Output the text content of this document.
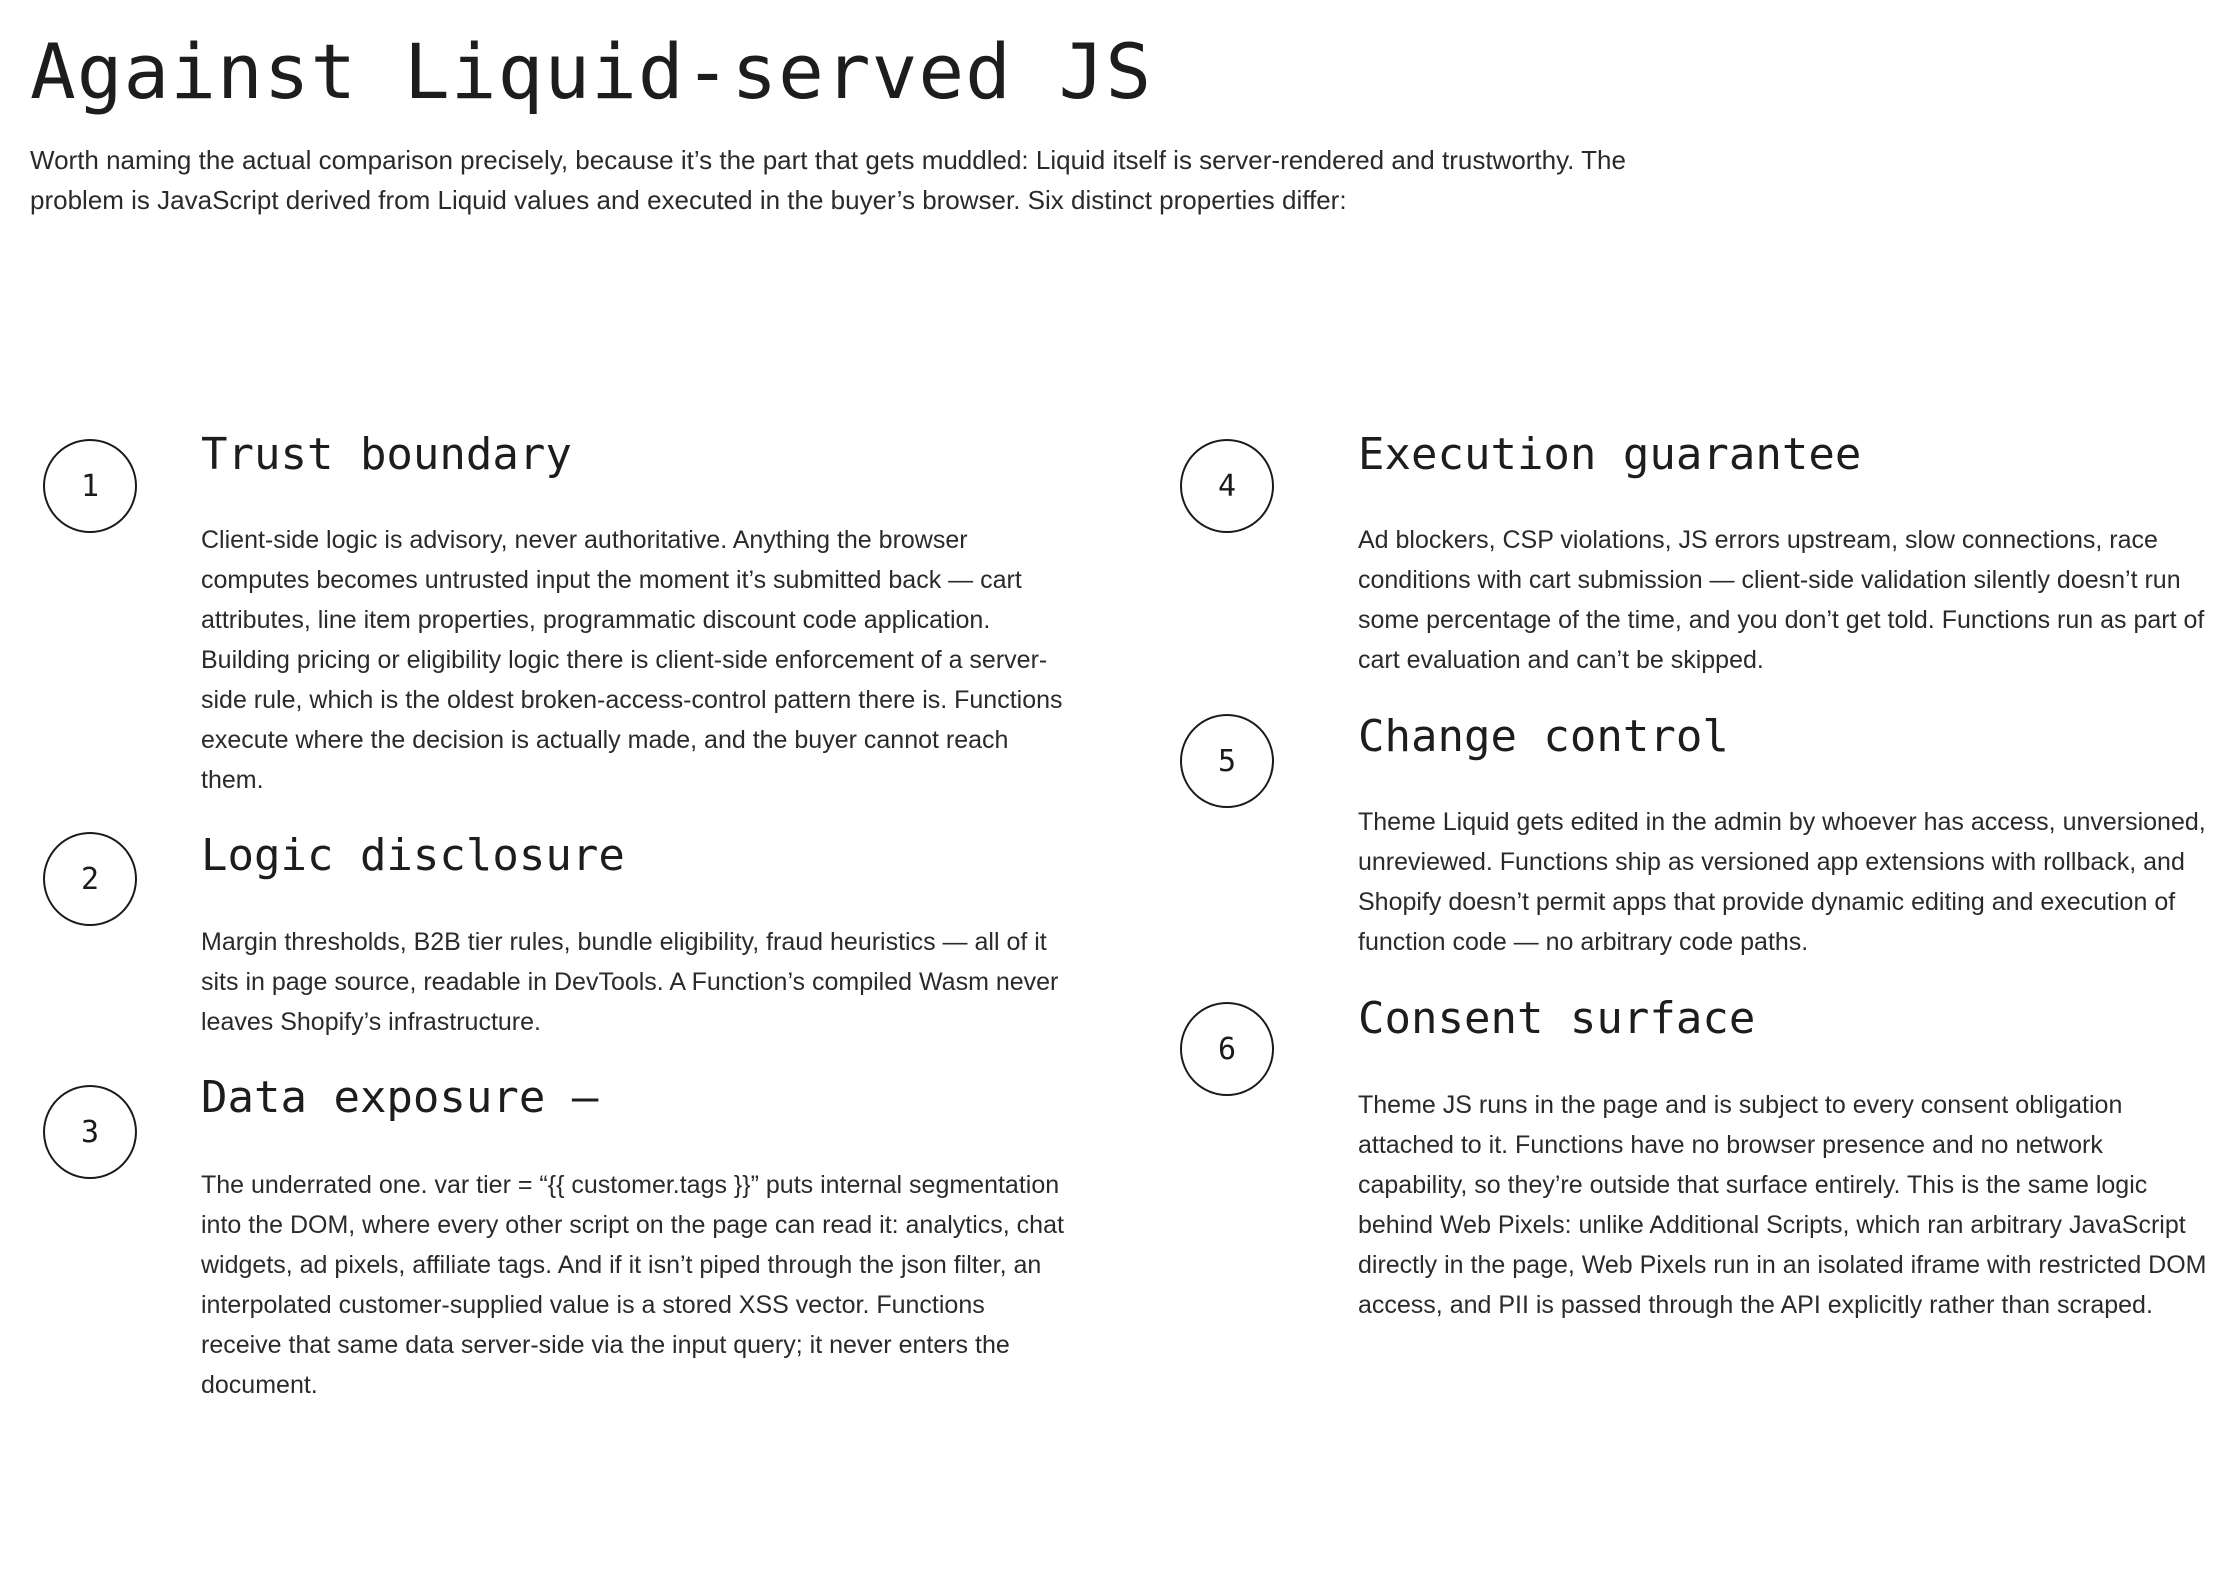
Against Liquid-served JS

Worth naming the actual comparison precisely, because it’s the part that gets muddled: Liquid itself is server-rendered and trustworthy. The problem is JavaScript derived from Liquid values and executed in the buyer’s browser. Six distinct properties differ:

1
Trust boundary

Client-side logic is advisory, never authoritative. Anything the browser computes becomes untrusted input the moment it’s submitted back — cart attributes, line item properties, programmatic discount code application. Building pricing or eligibility logic there is client-side enforcement of a server-side rule, which is the oldest broken-access-control pattern there is. Functions execute where the decision is actually made, and the buyer cannot reach them.

2	Logic disclosure

Margin thresholds, B2B tier rules, bundle eligibility, fraud heuristics — all of it sits in page source, readable in DevTools. A Function’s compiled Wasm never leaves Shopify’s infrastructure.

3
Data exposure —

The underrated one. var tier = “{{ customer.tags }}” puts internal segmentation into the DOM, where every other script on the page can read it: analytics, chat widgets, ad pixels, affiliate tags. And if it isn’t piped through the json filter, an interpolated customer-supplied value is a stored XSS vector. Functions receive that same data server-side via the input query; it never enters the document.

4
Execution guarantee

Ad blockers, CSP violations, JS errors upstream, slow connections, race conditions with cart submission — client-side validation silently doesn’t run some percentage of the time, and you don’t get told. Functions run as part of cart evaluation and can’t be skipped.

5	Change control

Theme Liquid gets edited in the admin by whoever has access, unversioned, unreviewed. Functions ship as versioned app extensions with rollback, and Shopify doesn’t permit apps that provide dynamic editing and execution of function code — no arbitrary code paths.

6
Consent surface

Theme JS runs in the page and is subject to every consent obligation attached to it. Functions have no browser presence and no network capability, so they’re outside that surface entirely. This is the same logic behind Web Pixels: unlike Additional Scripts, which ran arbitrary JavaScript directly in the page, Web Pixels run in an isolated iframe with restricted DOM access, and PII is passed through the API explicitly rather than scraped.
